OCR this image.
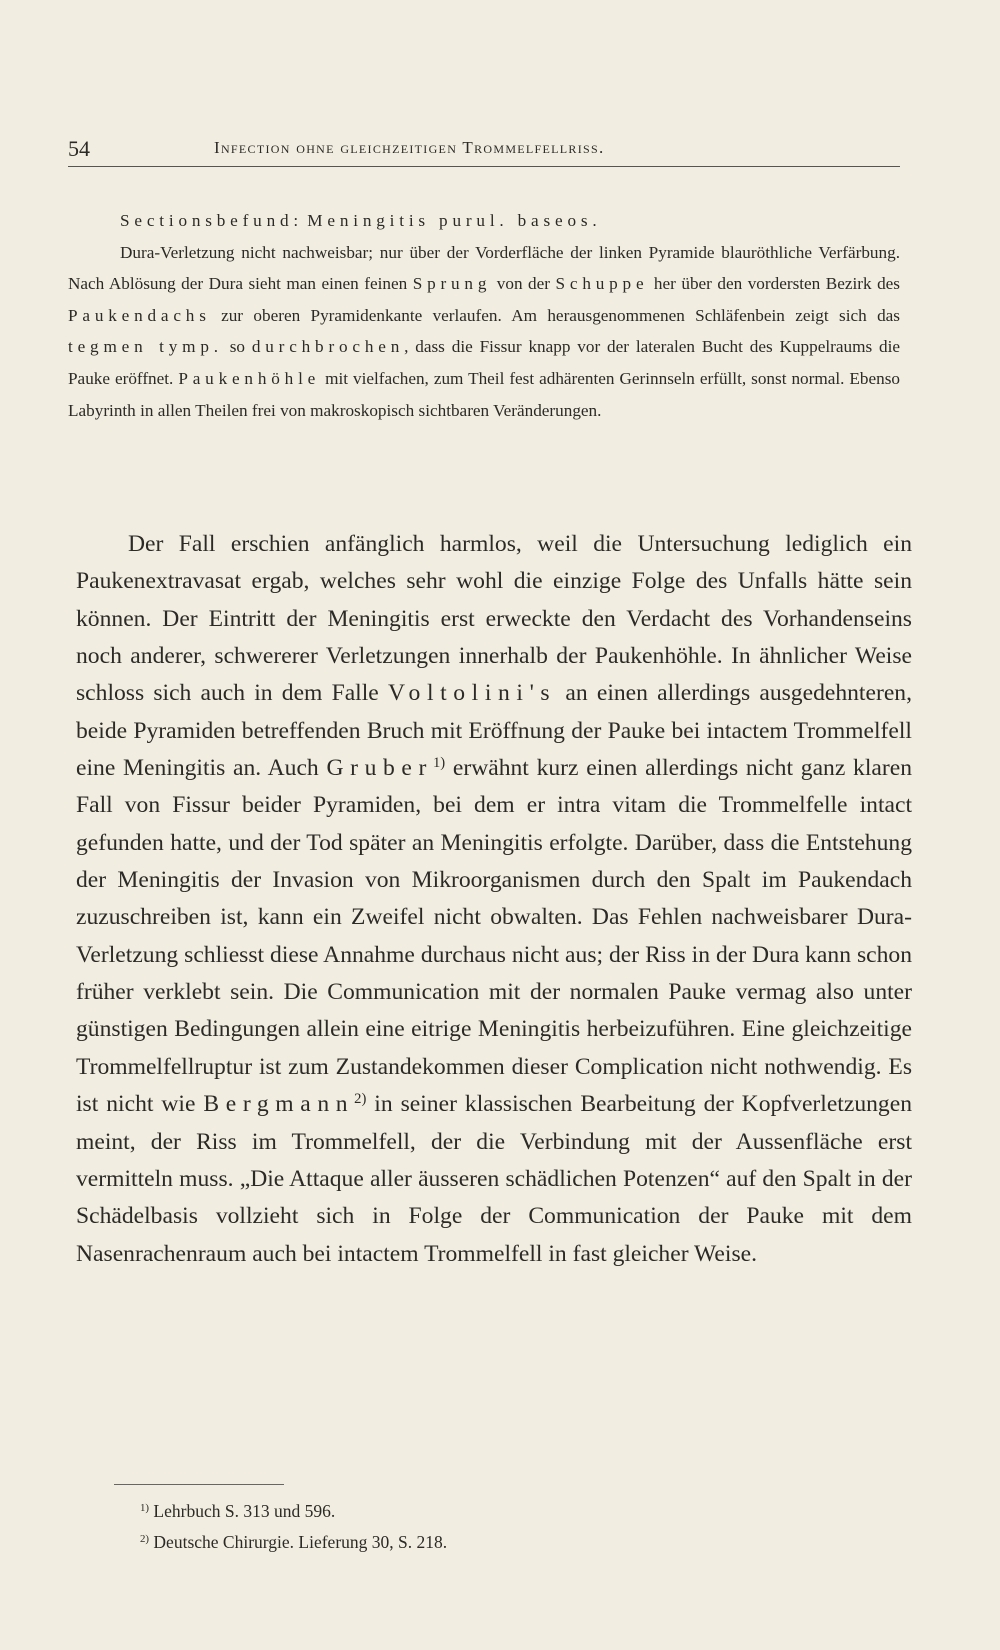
54	Infection ohne gleichzeitigen Trommelfellriss.

Sectionsbefund: Meningitis purul. baseos.

Dura-Verletzung nicht nachweisbar; nur über der Vorderfläche der linken Pyramide blauröthliche Verfärbung. Nach Ablösung der Dura sieht man einen feinen Sprung von der Schuppe her über den vordersten Bezirk des Paukendachs zur oberen Pyramidenkante verlaufen. Am herausgenommenen Schläfenbein zeigt sich das tegmen tymp. so durchbrochen, dass die Fissur knapp vor der lateralen Bucht des Kuppelraums die Pauke eröffnet. Paukenhöhle mit vielfachen, zum Theil fest adhärenten Gerinnseln erfüllt, sonst normal. Ebenso Labyrinth in allen Theilen frei von makroskopisch sichtbaren Veränderungen.

Der Fall erschien anfänglich harmlos, weil die Untersuchung lediglich ein Paukenextravasat ergab, welches sehr wohl die einzige Folge des Unfalls hätte sein können. Der Eintritt der Meningitis erst erweckte den Verdacht des Vorhandenseins noch anderer, schwererer Verletzungen innerhalb der Paukenhöhle. In ähnlicher Weise schloss sich auch in dem Falle Voltolini's an einen allerdings ausgedehnteren, beide Pyramiden betreffenden Bruch mit Eröffnung der Pauke bei intactem Trommelfell eine Meningitis an. Auch Gruber$^{1)}$ erwähnt kurz einen allerdings nicht ganz klaren Fall von Fissur beider Pyramiden, bei dem er intra vitam die Trommelfelle intact gefunden hatte, und der Tod später an Meningitis erfolgte. Darüber, dass die Entstehung der Meningitis der Invasion von Mikroorganismen durch den Spalt im Paukendach zuzuschreiben ist, kann ein Zweifel nicht obwalten. Das Fehlen nachweisbarer Dura-Verletzung schliesst diese Annahme durchaus nicht aus; der Riss in der Dura kann schon früher verklebt sein. Die Communication mit der normalen Pauke vermag also unter günstigen Bedingungen allein eine eitrige Meningitis herbeizuführen. Eine gleichzeitige Trommelfellruptur ist zum Zustandekommen dieser Complication nicht nothwendig. Es ist nicht wie Bergmann$^{2)}$ in seiner klassischen Bearbeitung der Kopfverletzungen meint, der Riss im Trommelfell, der die Verbindung mit der Aussenfläche erst vermitteln muss. „Die Attaque aller äusseren schädlichen Potenzen“ auf den Spalt in der Schädelbasis vollzieht sich in Folge der Communication der Pauke mit dem Nasenrachenraum auch bei intactem Trommelfell in fast gleicher Weise.

$^{1)}$ Lehrbuch S. 313 und 596.

$^{2)}$ Deutsche Chirurgie. Lieferung 30, S. 218.
